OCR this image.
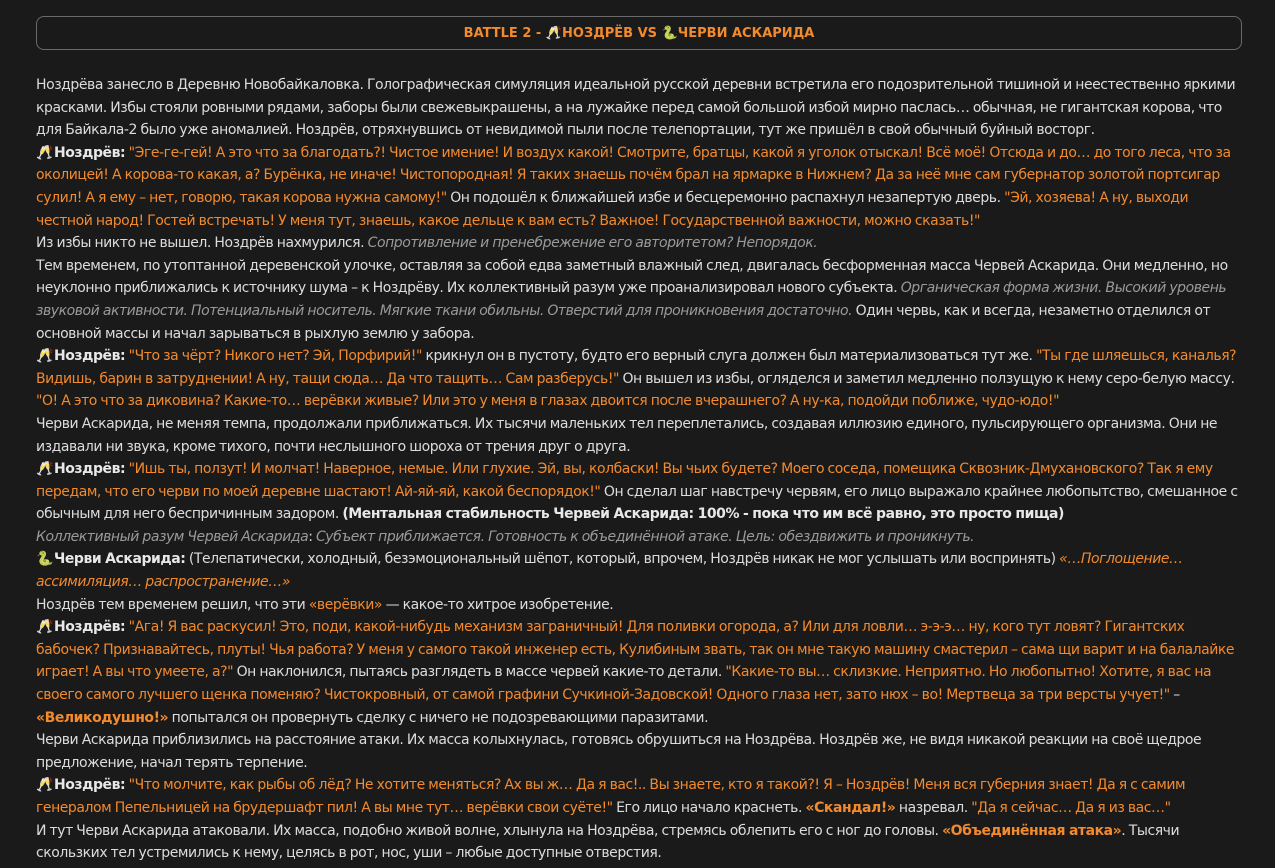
BATTLE 2 - 🥂 НОЗДРЁВ VS 🐍 ЧЕРВИ АСКАРИДА

Ноздрёва занесло в Деревню Новобайкаловка. Голографическая симуляция идеальной русской деревни встретила его подозрительной тишиной и неестественно яркими красками. Избы стояли ровными рядами, заборы были свежевыкрашены, а на лужайке перед самой большой избой мирно паслась… обычная, не гигантская корова, что для Байкала-2 было уже аномалией. Ноздрёв, отряхнувшись от невидимой пыли после телепортации, тут же пришёл в свой обычный буйный восторг.

🥂Ноздрёв: "Эге-ге-гей! А это что за благодать?! Чистое имение! И воздух какой! Смотрите, братцы, какой я уголок отыскал! Всё моё! Отсюда и до… до того леса, что за околицей! А корова-то какая, а? Бурёнка, не иначе! Чистопородная! Я таких знаешь почём брал на ярмарке в Нижнем? Да за неё мне сам губернатор золотой портсигар сулил! А я ему – нет, говорю, такая корова нужна самому!" Он подошёл к ближайшей избе и бесцеремонно распахнул незапертую дверь. "Эй, хозяева! А ну, выходи честной народ! Гостей встречать! У меня тут, знаешь, какое дельце к вам есть? Важное! Государственной важности, можно сказать!"

Из избы никто не вышел. Ноздрёв нахмурился. Сопротивление и пренебрежение его авторитетом? Непорядок.

Тем временем, по утоптанной деревенской улочке, оставляя за собой едва заметный влажный след, двигалась бесформенная масса Червей Аскарида. Они медленно, но неуклонно приближались к источнику шума – к Ноздрёву. Их коллективный разум уже проанализировал нового субъекта. Органическая форма жизни. Высокий уровень звуковой активности. Потенциальный носитель. Мягкие ткани обильны. Отверстий для проникновения достаточно. Один червь, как и всегда, незаметно отделился от основной массы и начал зарываться в рыхлую землю у забора.

🥂Ноздрёв: "Что за чёрт? Никого нет? Эй, Порфирий!" крикнул он в пустоту, будто его верный слуга должен был материализоваться тут же. "Ты где шляешься, каналья? Видишь, барин в затруднении! А ну, тащи сюда… Да что тащить… Сам разберусь!" Он вышел из избы, огляделся и заметил медленно ползущую к нему серо-белую массу. "О! А это что за диковина? Какие-то… верёвки живые? Или это у меня в глазах двоится после вчерашнего? А ну-ка, подойди поближе, чудо-юдо!"

Черви Аскарида, не меняя темпа, продолжали приближаться. Их тысячи маленьких тел переплетались, создавая иллюзию единого, пульсирующего организма. Они не издавали ни звука, кроме тихого, почти неслышного шороха от трения друг о друга.

🥂Ноздрёв: "Ишь ты, ползут! И молчат! Наверное, немые. Или глухие. Эй, вы, колбаски! Вы чьих будете? Моего соседа, помещика Сквозник-Дмухановского? Так я ему передам, что его черви по моей деревне шастают! Ай-яй-яй, какой беспорядок!" Он сделал шаг навстречу червям, его лицо выражало крайнее любопытство, смешанное с обычным для него беспричинным задором. (Ментальная стабильность Червей Аскарида: 100% - пока что им всё равно, это просто пища)

Коллективный разум Червей Аскарида: Субъект приближается. Готовность к объединённой атаке. Цель: обездвижить и проникнуть.

🐍Черви Аскарида: (Телепатически, холодный, безэмоциональный шёпот, который, впрочем, Ноздрёв никак не мог услышать или воспринять) «…Поглощение… ассимиляция… распространение…»

Ноздрёв тем временем решил, что эти «верёвки» — какое-то хитрое изобретение.

🥂Ноздрёв: "Ага! Я вас раскусил! Это, поди, какой-нибудь механизм заграничный! Для поливки огорода, а? Или для ловли… э-э-э… ну, кого тут ловят? Гигантских бабочек? Признавайтесь, плуты! Чья работа? У меня у самого такой инженер есть, Кулибиным звать, так он мне такую машину смастерил – сама щи варит и на балалайке играет! А вы что умеете, а?" Он наклонился, пытаясь разглядеть в массе червей какие-то детали. "Какие-то вы… склизкие. Неприятно. Но любопытно! Хотите, я вас на своего самого лучшего щенка поменяю? Чистокровный, от самой графини Сучкиной-Задовской! Одного глаза нет, зато нюх – во! Мертвеца за три версты учует!" – «Великодушно!» попытался он провернуть сделку с ничего не подозревающими паразитами.

Черви Аскарида приблизились на расстояние атаки. Их масса колыхнулась, готовясь обрушиться на Ноздрёва. Ноздрёв же, не видя никакой реакции на своё щедрое предложение, начал терять терпение.

🥂Ноздрёв: "Что молчите, как рыбы об лёд? Не хотите меняться? Ах вы ж… Да я вас!.. Вы знаете, кто я такой?! Я – Ноздрёв! Меня вся губерния знает! Да я с самим генералом Пепельницей на брудершафт пил! А вы мне тут… верёвки свои суёте!" Его лицо начало краснеть. «Скандал!» назревал. "Да я сейчас… Да я из вас…"

И тут Черви Аскарида атаковали. Их масса, подобно живой волне, хлынула на Ноздрёва, стремясь облепить его с ног до головы. «Объединённая атака». Тысячи скользких тел устремились к нему, целясь в рот, нос, уши – любые доступные отверстия.
